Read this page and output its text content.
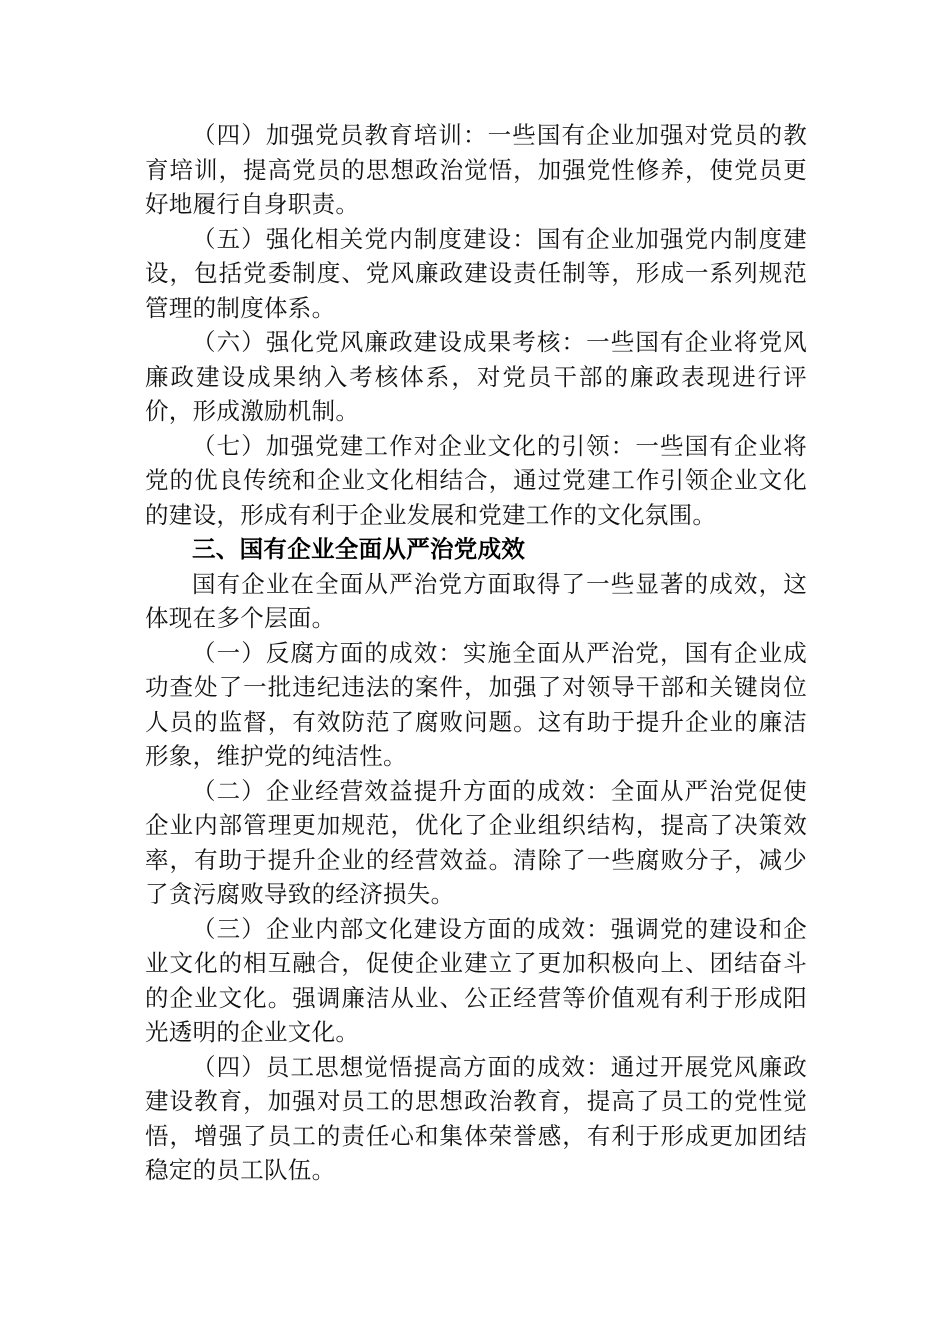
（四）加强党员教育培训：一些国有企业加强对党员的教育培训，提高党员的思想政治觉悟，加强党性修养，使党员更好地履行自身职责。

（五）强化相关党内制度建设：国有企业加强党内制度建设，包括党委制度、党风廉政建设责任制等，形成一系列规范管理的制度体系。

（六）强化党风廉政建设成果考核：一些国有企业将党风廉政建设成果纳入考核体系，对党员干部的廉政表现进行评价，形成激励机制。

（七）加强党建工作对企业文化的引领：一些国有企业将党的优良传统和企业文化相结合，通过党建工作引领企业文化的建设，形成有利于企业发展和党建工作的文化氛围。

三、国有企业全面从严治党成效

国有企业在全面从严治党方面取得了一些显著的成效，这体现在多个层面。

（一）反腐方面的成效：实施全面从严治党，国有企业成功查处了一批违纪违法的案件，加强了对领导干部和关键岗位人员的监督，有效防范了腐败问题。这有助于提升企业的廉洁形象，维护党的纯洁性。

（二）企业经营效益提升方面的成效：全面从严治党促使企业内部管理更加规范，优化了企业组织结构，提高了决策效率，有助于提升企业的经营效益。清除了一些腐败分子，减少了贪污腐败导致的经济损失。

（三）企业内部文化建设方面的成效：强调党的建设和企业文化的相互融合，促使企业建立了更加积极向上、团结奋斗的企业文化。强调廉洁从业、公正经营等价值观有利于形成阳光透明的企业文化。

（四）员工思想觉悟提高方面的成效：通过开展党风廉政建设教育，加强对员工的思想政治教育，提高了员工的党性觉悟，增强了员工的责任心和集体荣誉感，有利于形成更加团结稳定的员工队伍。
